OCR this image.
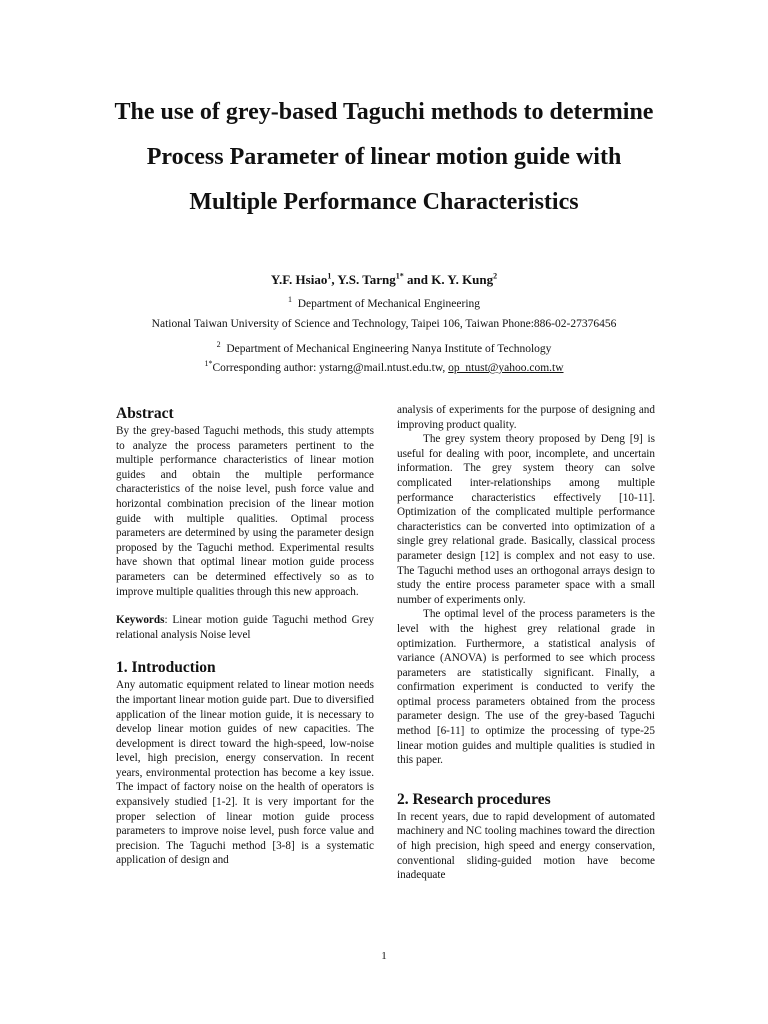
The use of grey-based Taguchi methods to determine Process Parameter of linear motion guide with Multiple Performance Characteristics
Y.F. Hsiao$^1$, Y.S. Tarng$^{1*}$ and K. Y. Kung$^2$
$^1$ Department of Mechanical Engineering
National Taiwan University of Science and Technology, Taipei 106, Taiwan Phone:886-02-27376456
$^2$ Department of Mechanical Engineering Nanya Institute of Technology
$^{1*}$Corresponding author: ystarng@mail.ntust.edu.tw, op_ntust@yahoo.com.tw
Abstract

By the grey-based Taguchi methods, this study attempts to analyze the process parameters pertinent to the multiple performance characteristics of linear motion guides and obtain the multiple performance characteristics of the noise level, push force value and horizontal combination precision of the linear motion guide with multiple qualities. Optimal process parameters are determined by using the parameter design proposed by the Taguchi method. Experimental results have shown that optimal linear motion guide process parameters can be determined effectively so as to improve multiple qualities through this new approach.

Keywords: Linear motion guide Taguchi method Grey relational analysis Noise level

1. Introduction

Any automatic equipment related to linear motion needs the important linear motion guide part. Due to diversified application of the linear motion guide, it is necessary to develop linear motion guides of new capacities. The development is direct toward the high-speed, low-noise level, high precision, energy conservation. In recent years, environmental protection has become a key issue. The impact of factory noise on the health of operators is expansively studied [1-2]. It is very important for the proper selection of linear motion guide process parameters to improve noise level, push force value and precision. The Taguchi method [3-8] is a systematic application of design and

analysis of experiments for the purpose of designing and improving product quality.

The grey system theory proposed by Deng [9] is useful for dealing with poor, incomplete, and uncertain information. The grey system theory can solve complicated inter-relationships among multiple performance characteristics effectively [10-11]. Optimization of the complicated multiple performance characteristics can be converted into optimization of a single grey relational grade. Basically, classical process parameter design [12] is complex and not easy to use. The Taguchi method uses an orthogonal arrays design to study the entire process parameter space with a small number of experiments only.

The optimal level of the process parameters is the level with the highest grey relational grade in optimization. Furthermore, a statistical analysis of variance (ANOVA) is performed to see which process parameters are statistically significant. Finally, a confirmation experiment is conducted to verify the optimal process parameters obtained from the process parameter design. The use of the grey-based Taguchi method [6-11] to optimize the processing of type-25 linear motion guides and multiple qualities is studied in this paper.

2. Research procedures

In recent years, due to rapid development of automated machinery and NC tooling machines toward the direction of high precision, high speed and energy conservation, conventional sliding-guided motion have become inadequate

1
